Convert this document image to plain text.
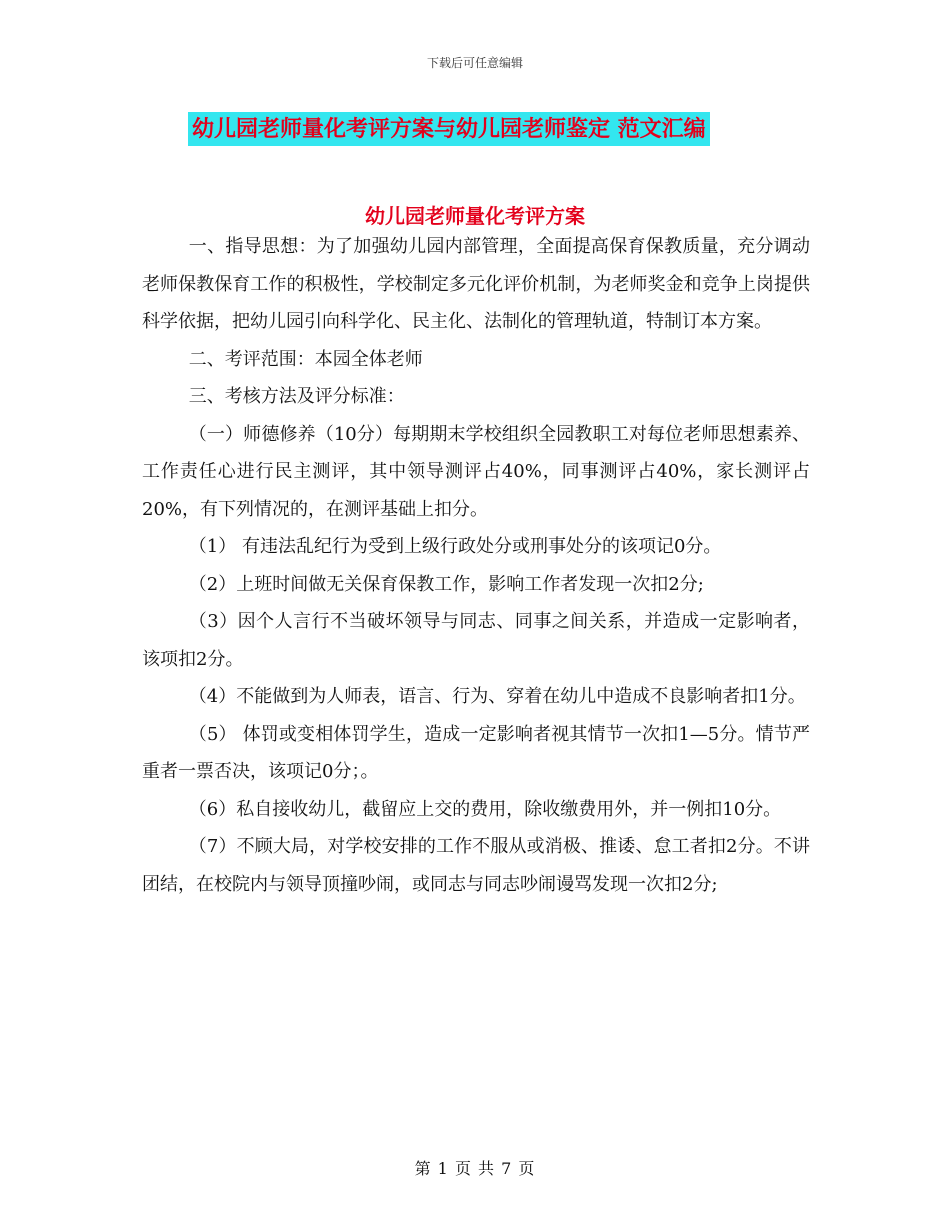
下载后可任意编辑
幼儿园老师量化考评方案与幼儿园老师鉴定 范文汇编
幼儿园老师量化考评方案

一、指导思想：为了加强幼儿园内部管理，全面提高保育保教质量，充分调动老师保教保育工作的积极性，学校制定多元化评价机制，为老师奖金和竞争上岗提供科学依据，把幼儿园引向科学化、民主化、法制化的管理轨道，特制订本方案。

二、考评范围：本园全体老师

三、考核方法及评分标准：

（一）师德修养（10分）每期期末学校组织全园教职工对每位老师思想素养、工作责任心进行民主测评，其中领导测评占40%，同事测评占40%，家长测评占20%，有下列情况的，在测评基础上扣分。

（1） 有违法乱纪行为受到上级行政处分或刑事处分的该项记0分。

（2）上班时间做无关保育保教工作，影响工作者发现一次扣2分;

（3）因个人言行不当破坏领导与同志、同事之间关系，并造成一定影响者，该项扣2分。

（4）不能做到为人师表，语言、行为、穿着在幼儿中造成不良影响者扣1分。

（5） 体罚或变相体罚学生，造成一定影响者视其情节一次扣1—5分。情节严重者一票否决，该项记0分；。

（6）私自接收幼儿，截留应上交的费用，除收缴费用外，并一例扣10分。

（7）不顾大局，对学校安排的工作不服从或消极、推诿、怠工者扣2分。不讲团结，在校院内与领导顶撞吵闹，或同志与同志吵闹谩骂发现一次扣2分;

第 1 页 共 7 页
